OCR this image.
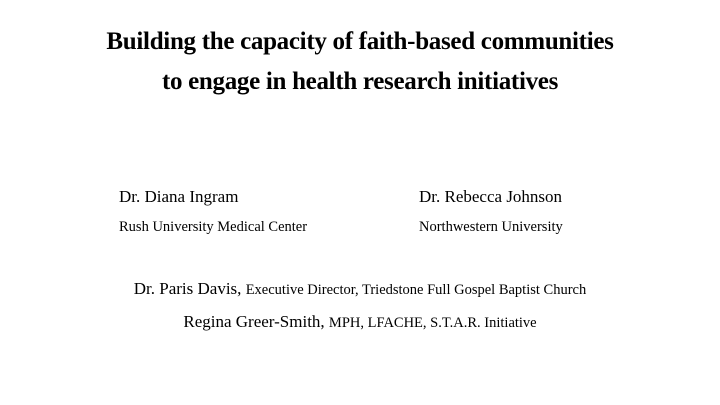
Building the capacity of faith-based communities
to engage in health research initiatives
Dr. Diana Ingram
Rush University Medical Center
Dr. Rebecca Johnson
Northwestern University
Dr. Paris Davis, Executive Director, Triedstone Full Gospel Baptist Church
Regina Greer-Smith, MPH, LFACHE, S.T.A.R. Initiative
